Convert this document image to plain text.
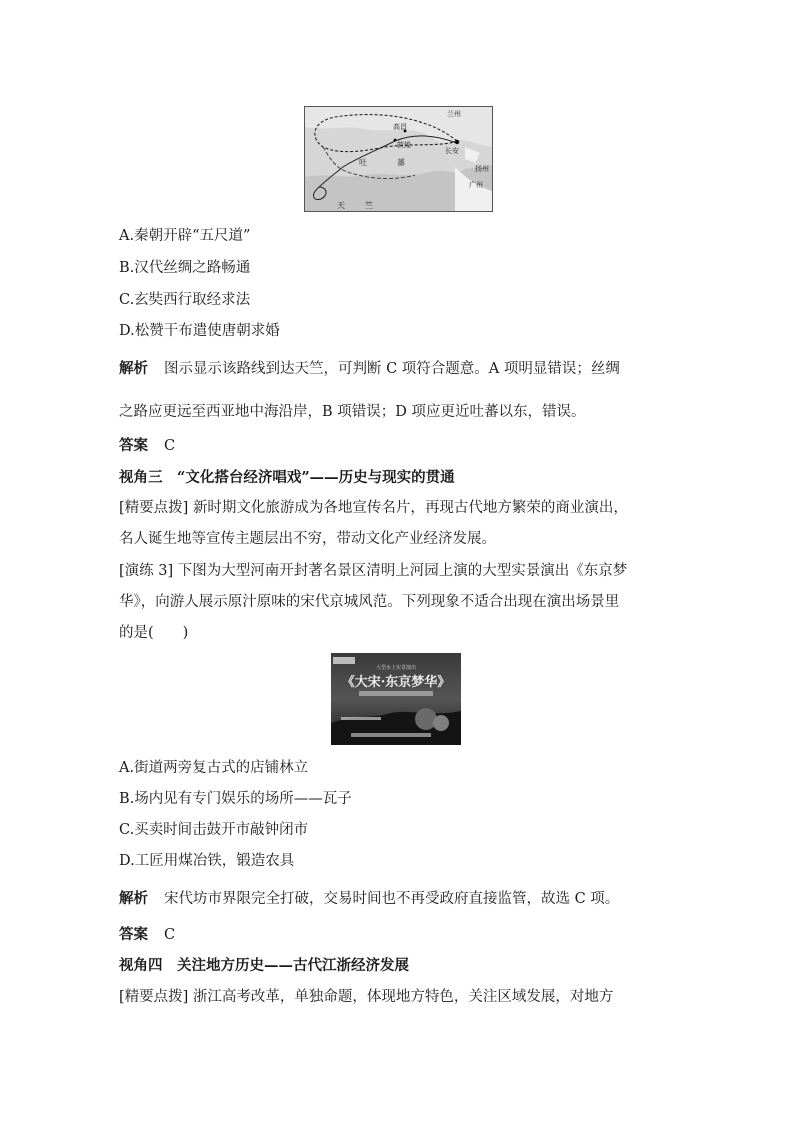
兰州
高昌
敦煌
长安
吐	蕃
扬州
广州
天	竺
A.秦朝开辟“五尺道”
B.汉代丝绸之路畅通
C.玄奘西行取经求法
D.松赞干布遣使唐朝求婚
解析 图示显示该路线到达天竺，可判断 C 项符合题意。A 项明显错误；丝绸
之路应更远至西亚地中海沿岸，B 项错误；D 项应更近吐蕃以东，错误。
答案 C
视角三　“文化搭台经济唱戏”——历史与现实的贯通
[精要点拨] 新时期文化旅游成为各地宣传名片，再现古代地方繁荣的商业演出，
名人诞生地等宣传主题层出不穷，带动文化产业经济发展。
[演练 3] 下图为大型河南开封著名景区清明上河园上演的大型实景演出《东京梦
华》，向游人展示原汁原味的宋代京城风范。下列现象不适合出现在演出场景里
的是(　　)
大型水上实景演出
《大宋·东京梦华》
A.街道两旁复古式的店铺林立
B.场内见有专门娱乐的场所——瓦子
C.买卖时间击鼓开市敲钟闭市
D.工匠用煤冶铁，锻造农具
解析 宋代坊市界限完全打破，交易时间也不再受政府直接监管，故选 C 项。
答案 C
视角四　关注地方历史——古代江浙经济发展
[精要点拨] 浙江高考改革，单独命题，体现地方特色，关注区域发展，对地方
